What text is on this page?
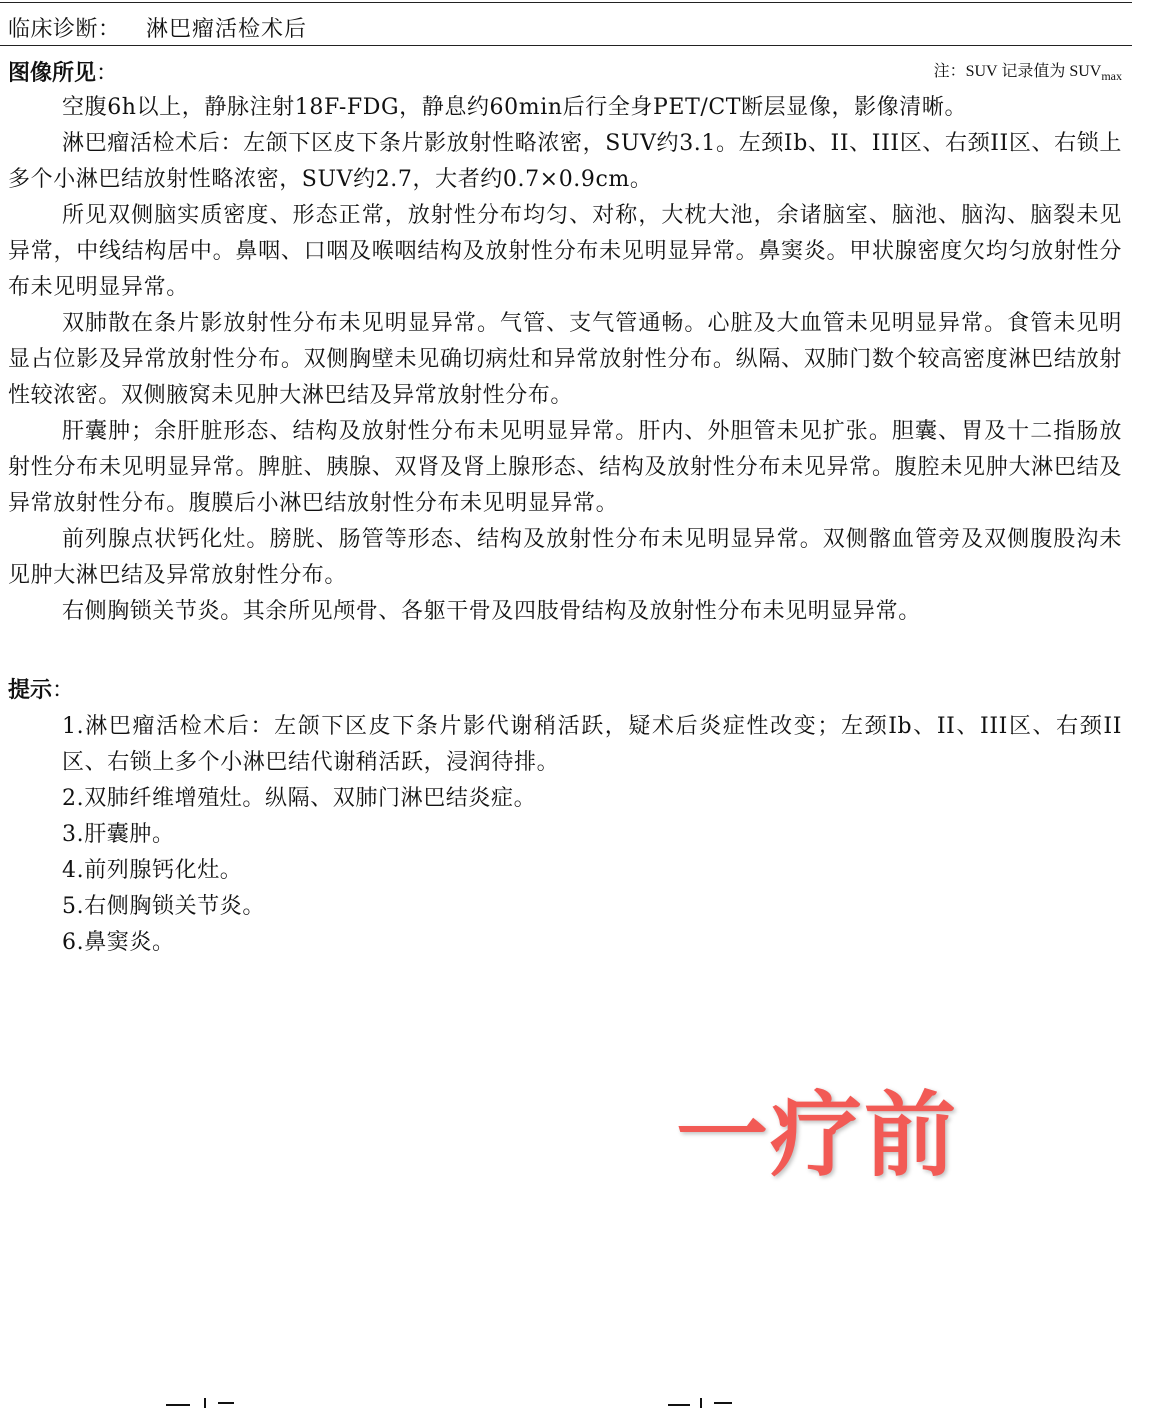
临床诊断： 淋巴瘤活检术后
图像所见：	注：SUV 记录值为 $SUV_{max}$

空腹6h以上，静脉注射18F-FDG，静息约60min后行全身PET/CT断层显像，影像清晰。

淋巴瘤活检术后：左颌下区皮下条片影放射性略浓密，SUV约3.1。左颈Ib、II、III区、右颈II区、右锁上多个小淋巴结放射性略浓密，SUV约2.7，大者约0.7×0.9cm。

所见双侧脑实质密度、形态正常，放射性分布均匀、对称，大枕大池，余诸脑室、脑池、脑沟、脑裂未见异常，中线结构居中。鼻咽、口咽及喉咽结构及放射性分布未见明显异常。鼻窦炎。甲状腺密度欠均匀放射性分布未见明显异常。

双肺散在条片影放射性分布未见明显异常。气管、支气管通畅。心脏及大血管未见明显异常。食管未见明显占位影及异常放射性分布。双侧胸壁未见确切病灶和异常放射性分布。纵隔、双肺门数个较高密度淋巴结放射性较浓密。双侧腋窝未见肿大淋巴结及异常放射性分布。

肝囊肿；余肝脏形态、结构及放射性分布未见明显异常。肝内、外胆管未见扩张。胆囊、胃及十二指肠放射性分布未见明显异常。脾脏、胰腺、双肾及肾上腺形态、结构及放射性分布未见异常。腹腔未见肿大淋巴结及异常放射性分布。腹膜后小淋巴结放射性分布未见明显异常。

前列腺点状钙化灶。膀胱、肠管等形态、结构及放射性分布未见明显异常。双侧髂血管旁及双侧腹股沟未见肿大淋巴结及异常放射性分布。

右侧胸锁关节炎。其余所见颅骨、各躯干骨及四肢骨结构及放射性分布未见明显异常。

提示：

1.淋巴瘤活检术后：左颌下区皮下条片影代谢稍活跃，疑术后炎症性改变；左颈Ib、II、III区、右颈II区、右锁上多个小淋巴结代谢稍活跃，浸润待排。

2.双肺纤维增殖灶。纵隔、双肺门淋巴结炎症。

3.肝囊肿。

4.前列腺钙化灶。

5.右侧胸锁关节炎。

6.鼻窦炎。

一疗前
